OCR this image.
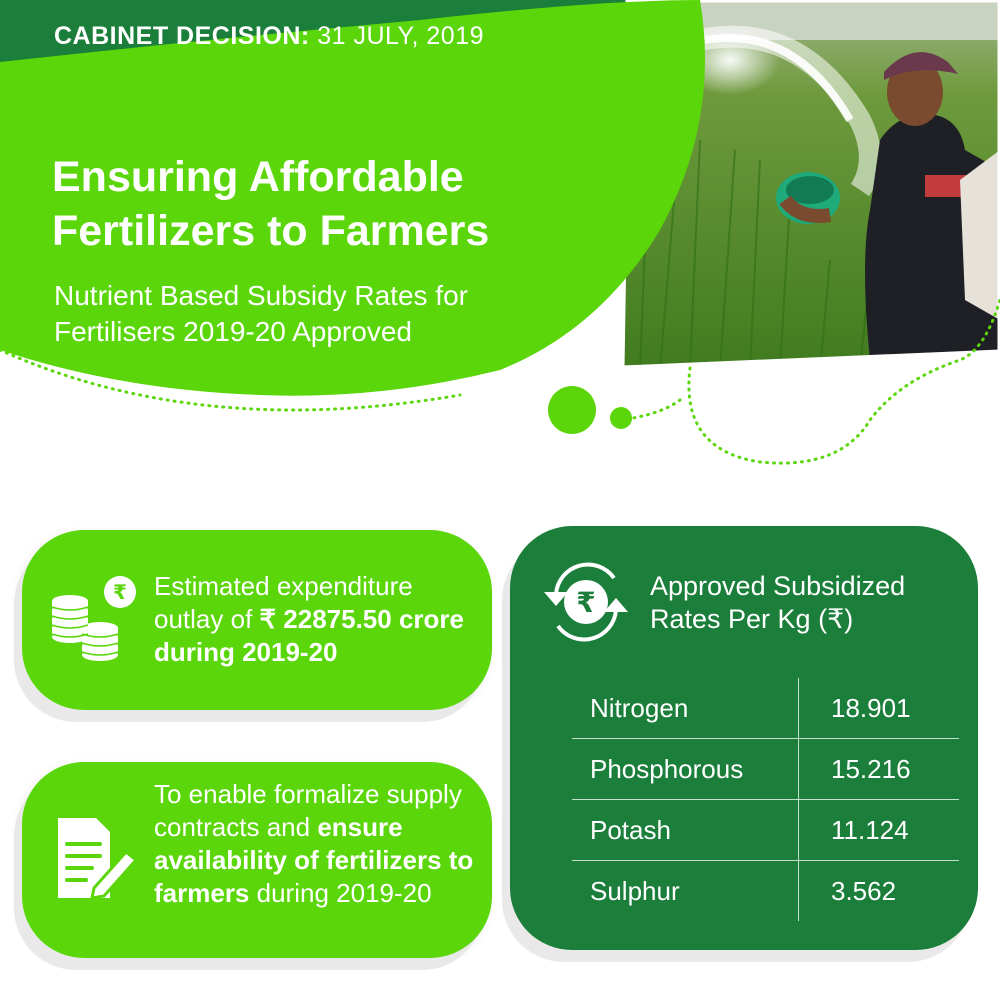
CABINET DECISION: 31 JULY, 2019
Ensuring Affordable Fertilizers to Farmers
Nutrient Based Subsidy Rates for Fertilisers 2019-20 Approved
₹ Estimated expenditure outlay of ₹ 22875.50 crore during 2019-20
To enable formalize supply contracts and ensure availability of fertilizers to farmers during 2019-20
₹ Approved Subsidized Rates Per Kg (₹)
Nitrogen	18.901
Phosphorous	15.216
Potash	11.124
Sulphur	3.562
